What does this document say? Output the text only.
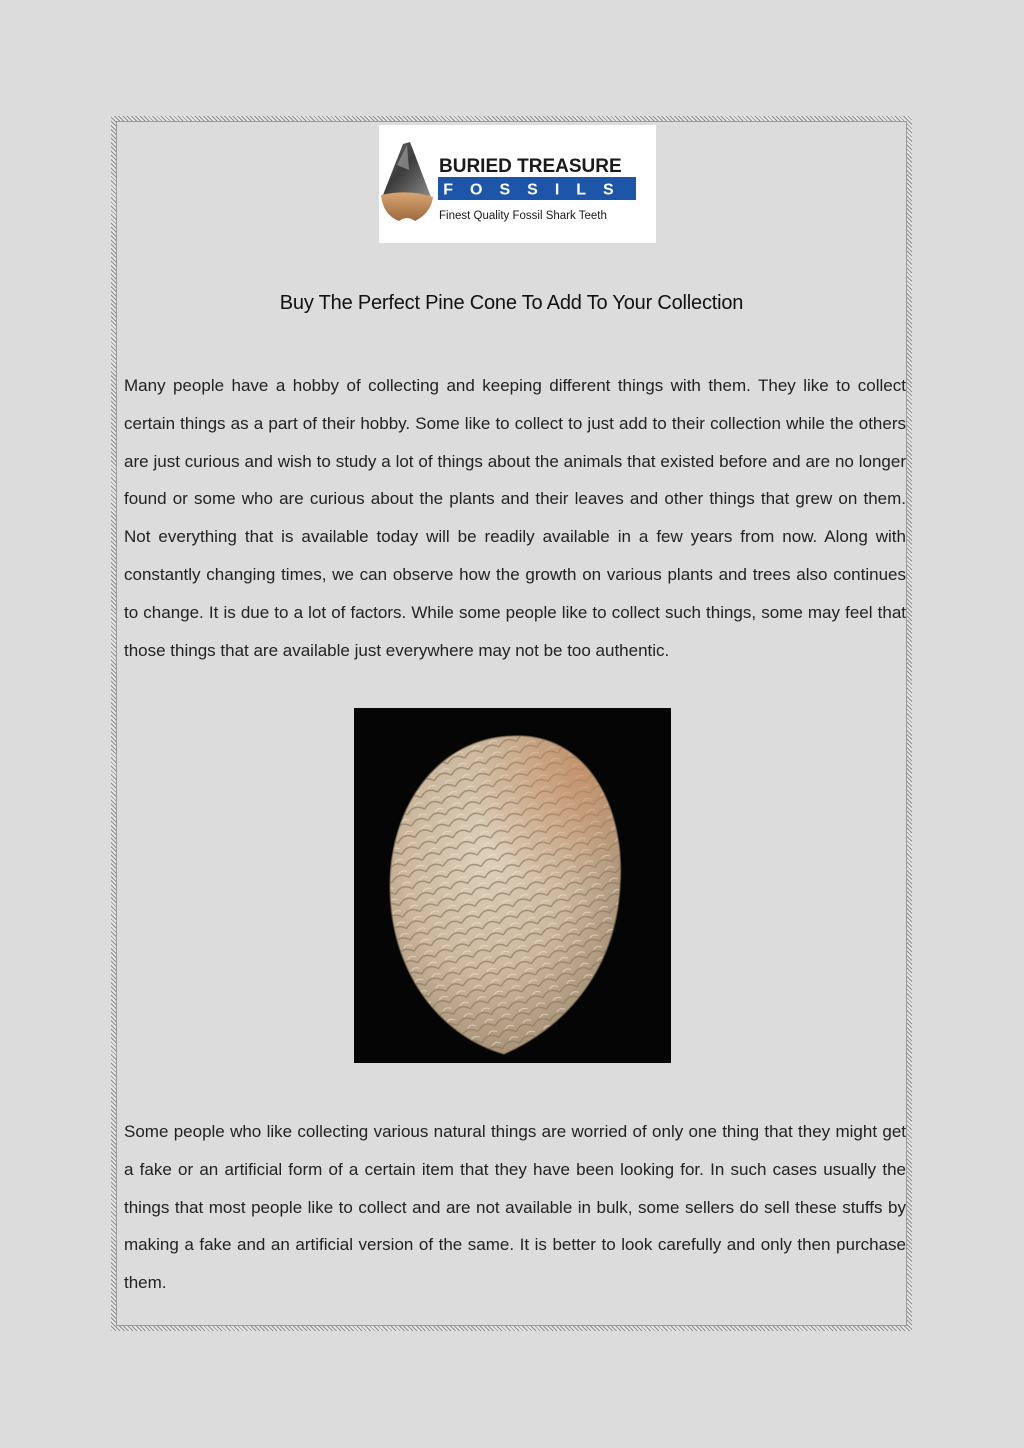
BURIED TREASURE
FOSSILS
Finest Quality Fossil Shark Teeth
Buy The Perfect Pine Cone To Add To Your Collection

Many people have a hobby of collecting and keeping different things with them. They like to collect certain things as a part of their hobby. Some like to collect to just add to their collection while the others are just curious and wish to study a lot of things about the animals that existed before and are no longer found or some who are curious about the plants and their leaves and other things that grew on them. Not everything that is available today will be readily available in a few years from now. Along with constantly changing times, we can observe how the growth on various plants and trees also continues to change. It is due to a lot of factors. While some people like to collect such things, some may feel that those things that are available just everywhere may not be too authentic.

Some people who like collecting various natural things are worried of only one thing that they might get a fake or an artificial form of a certain item that they have been looking for. In such cases usually the things that most people like to collect and are not available in bulk, some sellers do sell these stuffs by making a fake and an artificial version of the same. It is better to look carefully and only then purchase them.
